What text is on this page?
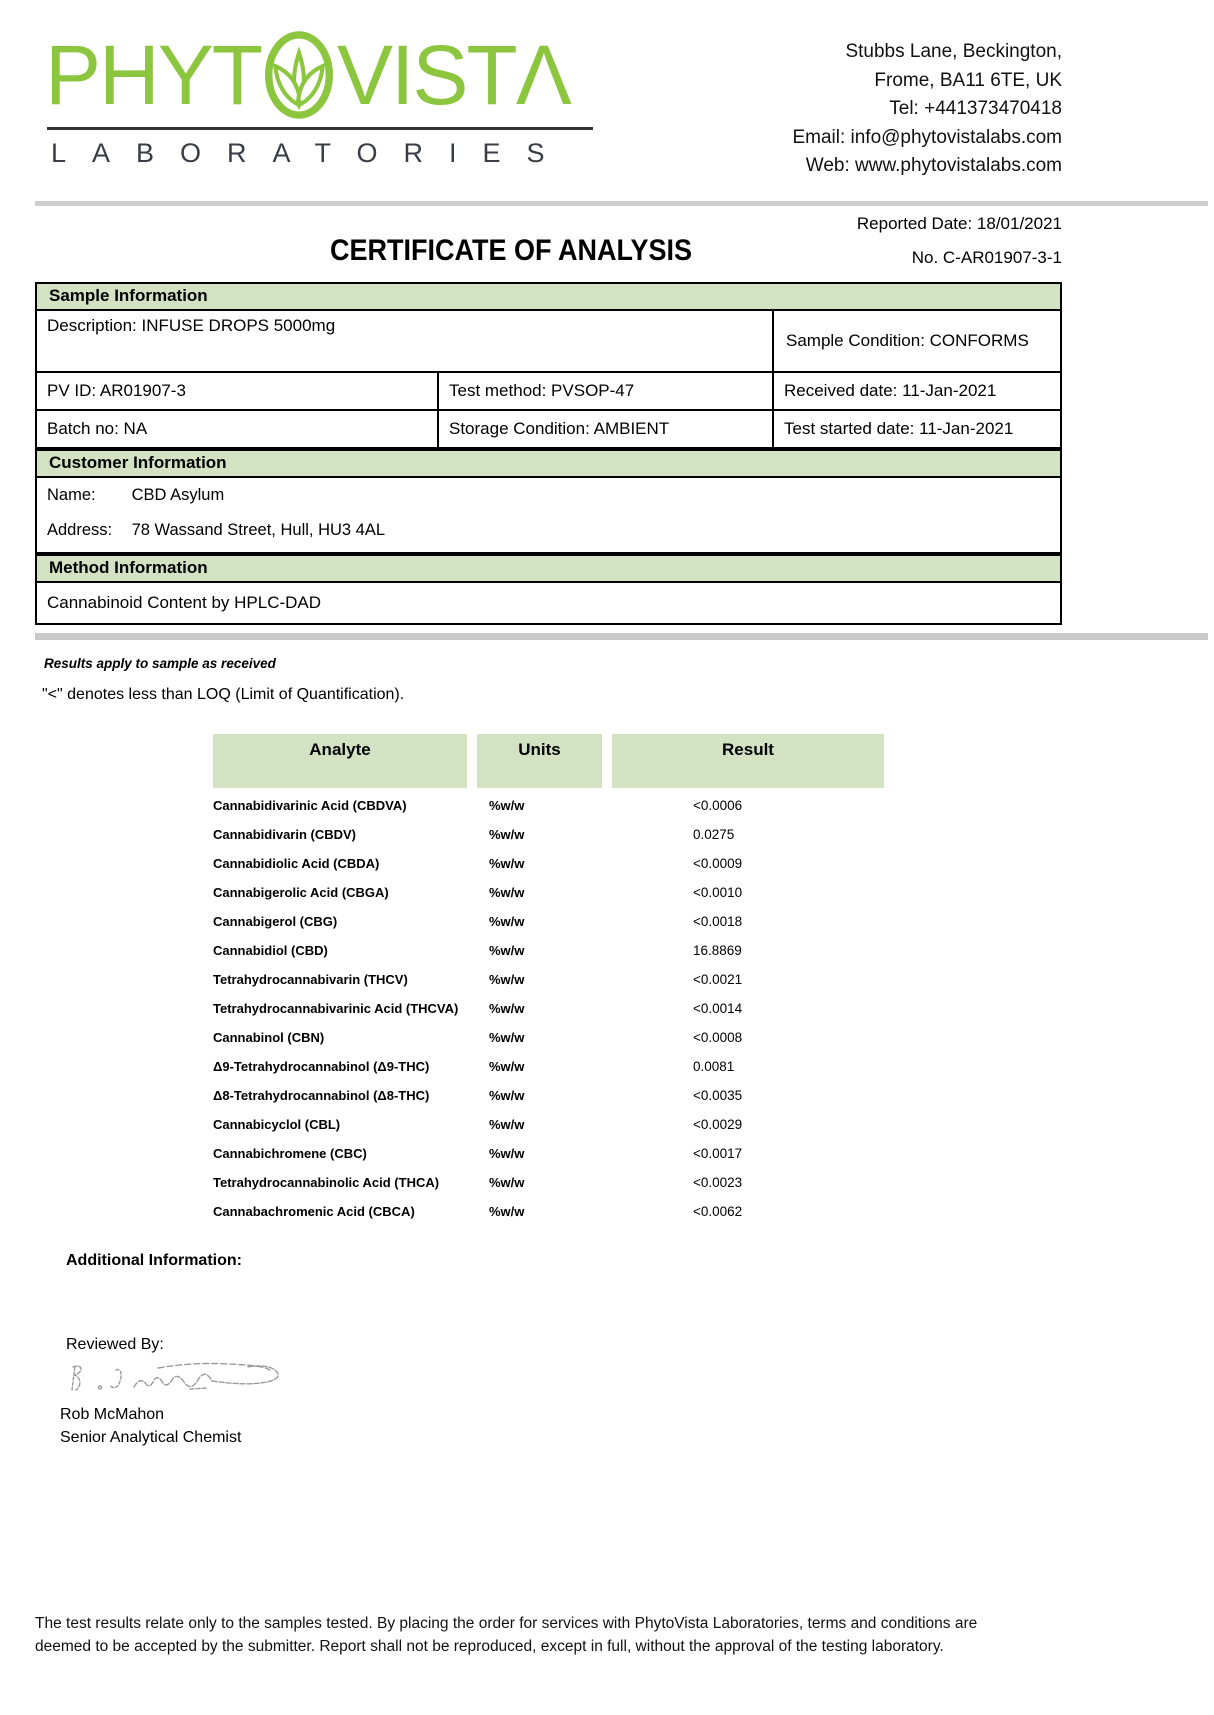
PHYT VISTΛ
LABORATORIES
Stubbs Lane, Beckington,
Frome, BA11 6TE, UK
Tel: +441373470418
Email: info@phytovistalabs.com
Web: www.phytovistalabs.com
Reported Date: 18/01/2021
CERTIFICATE OF ANALYSIS	No. C-AR01907-3-1
Sample Information
Description: INFUSE DROPS 5000mg
Sample Condition: CONFORMS
PV ID: AR01907-3	Test method: PVSOP-47	Received date: 11-Jan-2021
Batch no: NA	Storage Condition: AMBIENT	Test started date: 11-Jan-2021
Customer Information
Name: CBD Asylum
Address: 78 Wassand Street, Hull, HU3 4AL
Method Information
Cannabinoid Content by HPLC-DAD
Results apply to sample as received
"<" denotes less than LOQ (Limit of Quantification).
Analyte	Units	Result
Cannabidivarinic Acid (CBDVA)	%w/w	<0.0006
Cannabidivarin (CBDV)	%w/w	0.0275
Cannabidiolic Acid (CBDA)	%w/w	<0.0009
Cannabigerolic Acid (CBGA)	%w/w	<0.0010
Cannabigerol (CBG)	%w/w	<0.0018
Cannabidiol (CBD)	%w/w	16.8869
Tetrahydrocannabivarin (THCV)	%w/w	<0.0021
Tetrahydrocannabivarinic Acid (THCVA)	%w/w	<0.0014
Cannabinol (CBN)	%w/w	<0.0008
Δ9-Tetrahydrocannabinol (Δ9-THC)	%w/w	0.0081
Δ8-Tetrahydrocannabinol (Δ8-THC)	%w/w	<0.0035
Cannabicyclol (CBL)	%w/w	<0.0029
Cannabichromene (CBC)	%w/w	<0.0017
Tetrahydrocannabinolic Acid (THCA)	%w/w	<0.0023
Cannabachromenic Acid (CBCA)	%w/w	<0.0062
Additional Information:
Reviewed By:
Rob McMahon
Senior Analytical Chemist
The test results relate only to the samples tested. By placing the order for services with PhytoVista Laboratories, terms and conditions are
deemed to be accepted by the submitter. Report shall not be reproduced, except in full, without the approval of the testing laboratory.
